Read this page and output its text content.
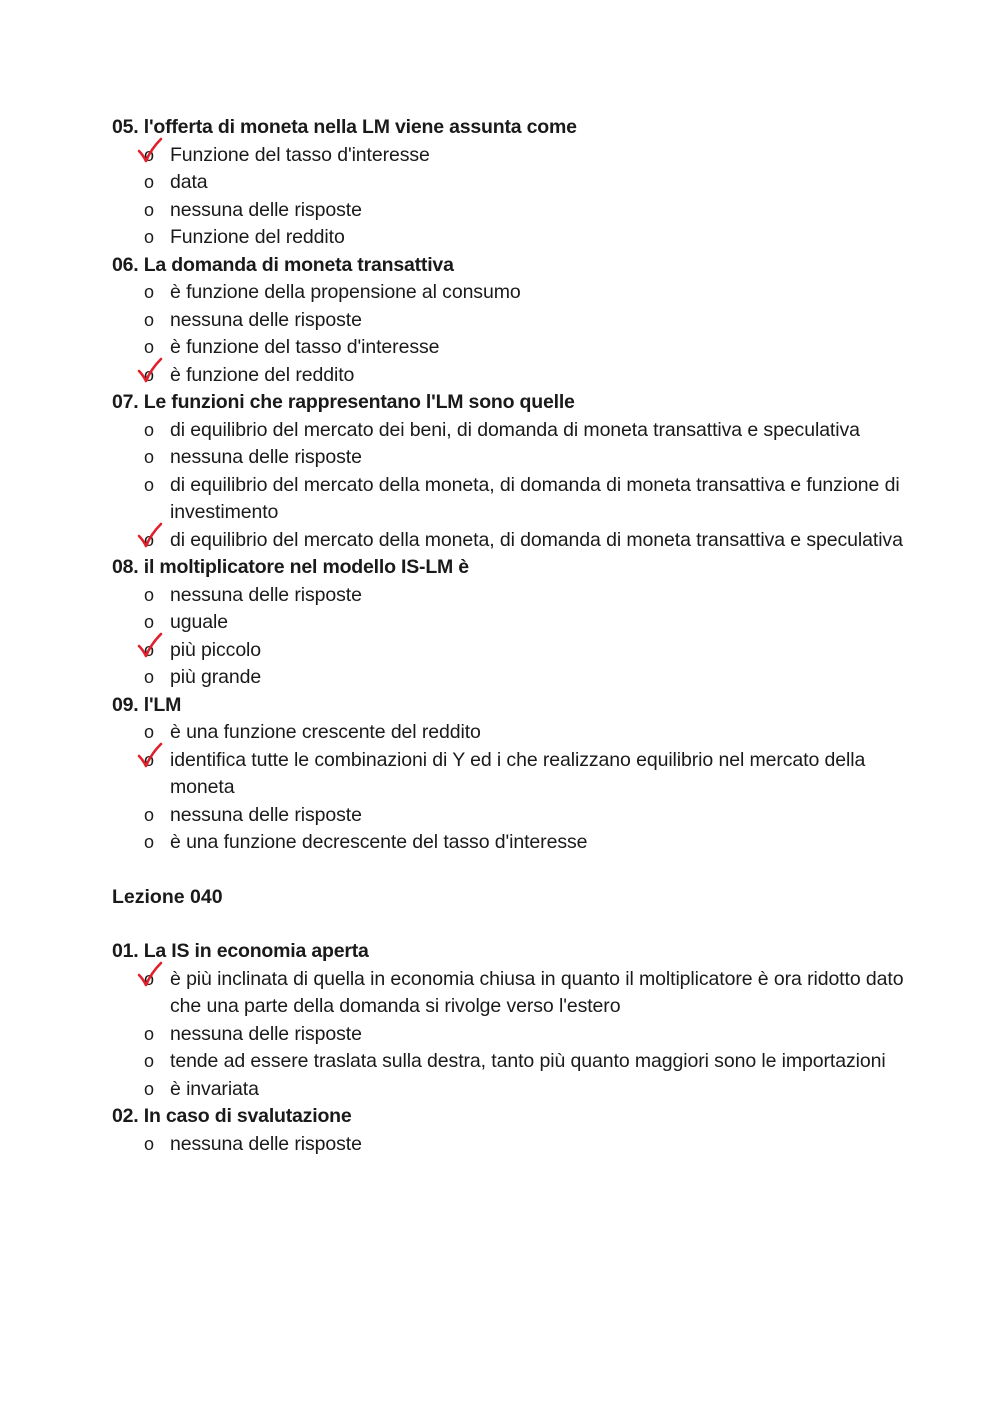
05. l'offerta di moneta nella LM viene assunta come
o Funzione del tasso d'interesse
o data
o nessuna delle risposte
o Funzione del reddito
06. La domanda di moneta transattiva
o è funzione della propensione al consumo
o nessuna delle risposte
o è funzione del tasso d'interesse
o è funzione del reddito
07. Le funzioni che rappresentano l'LM sono quelle
o di equilibrio del mercato dei beni, di domanda di moneta transattiva e speculativa
o nessuna delle risposte
o di equilibrio del mercato della moneta, di domanda di moneta transattiva e funzione di investimento
o di equilibrio del mercato della moneta, di domanda di moneta transattiva e speculativa
08. il moltiplicatore nel modello IS-LM è
o nessuna delle risposte
o uguale
o più piccolo
o più grande
09. l'LM
o è una funzione crescente del reddito
o identifica tutte le combinazioni di Y ed i che realizzano equilibrio nel mercato della moneta
o nessuna delle risposte
o è una funzione decrescente del tasso d'interesse
Lezione 040
01. La IS in economia aperta
o è più inclinata di quella in economia chiusa in quanto il moltiplicatore è ora ridotto dato che una parte della domanda si rivolge verso l'estero
o nessuna delle risposte
o tende ad essere traslata sulla destra, tanto più quanto maggiori sono le importazioni
o è invariata
02. In caso di svalutazione
o nessuna delle risposte
